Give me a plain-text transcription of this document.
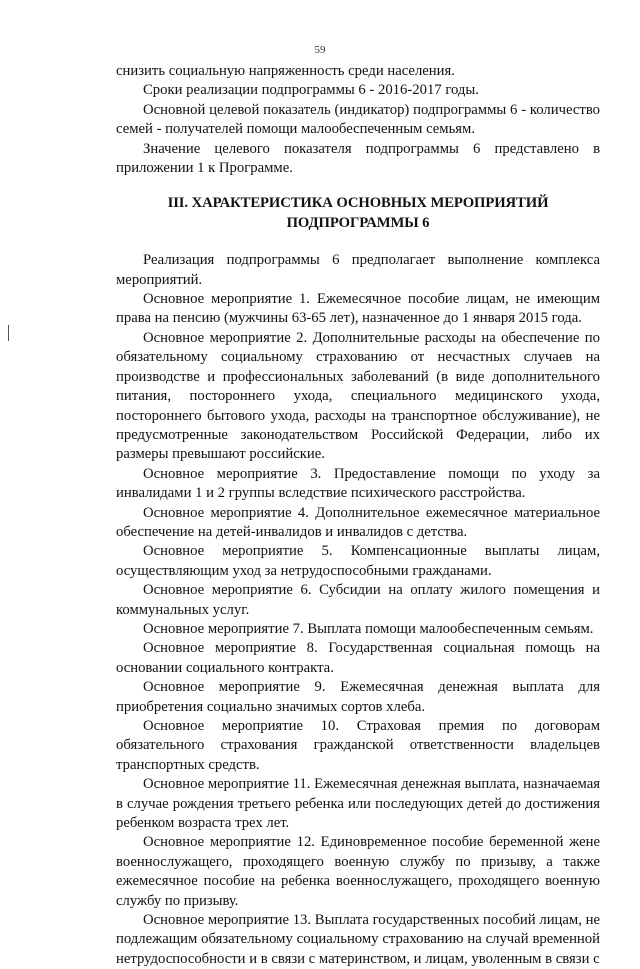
59

снизить социальную напряженность среди населения.

Сроки реализации подпрограммы 6 - 2016-2017 годы.

Основной целевой показатель (индикатор) подпрограммы 6 - количество семей - получателей помощи малообеспеченным семьям.

Значение целевого показателя подпрограммы 6 представлено в приложении 1 к Программе.

III. ХАРАКТЕРИСТИКА ОСНОВНЫХ МЕРОПРИЯТИЙ ПОДПРОГРАММЫ 6

Реализация подпрограммы 6 предполагает выполнение комплекса мероприятий.

Основное мероприятие 1. Ежемесячное пособие лицам, не имеющим права на пенсию (мужчины 63-65 лет), назначенное до 1 января 2015 года.

Основное мероприятие 2. Дополнительные расходы на обеспечение по обязательному социальному страхованию от несчастных случаев на производстве и профессиональных заболеваний (в виде дополнительного питания, постороннего ухода, специального медицинского ухода, постороннего бытового ухода, расходы на транспортное обслуживание), не предусмотренные законодательством Российской Федерации, либо их размеры превышают российские.

Основное мероприятие 3. Предоставление помощи по уходу за инвалидами 1 и 2 группы вследствие психического расстройства.

Основное мероприятие 4. Дополнительное ежемесячное материальное обеспечение на детей-инвалидов и инвалидов с детства.

Основное мероприятие 5. Компенсационные выплаты лицам, осуществляющим уход за нетрудоспособными гражданами.

Основное мероприятие 6. Субсидии на оплату жилого помещения и коммунальных услуг.

Основное мероприятие 7. Выплата помощи малообеспеченным семьям.

Основное мероприятие 8. Государственная социальная помощь на основании социального контракта.

Основное мероприятие 9. Ежемесячная денежная выплата для приобретения социально значимых сортов хлеба.

Основное мероприятие 10. Страховая премия по договорам обязательного страхования гражданской ответственности владельцев транспортных средств.

Основное мероприятие 11. Ежемесячная денежная выплата, назначаемая в случае рождения третьего ребенка или последующих детей до достижения ребенком возраста трех лет.

Основное мероприятие 12. Единовременное пособие беременной жене военнослужащего, проходящего военную службу по призыву, а также ежемесячное пособие на ребенка военнослужащего, проходящего военную службу по призыву.

Основное мероприятие 13. Выплата государственных пособий лицам, не подлежащим обязательному социальному страхованию на случай временной нетрудоспособности и в связи с материнством, и лицам, уволенным в связи с
